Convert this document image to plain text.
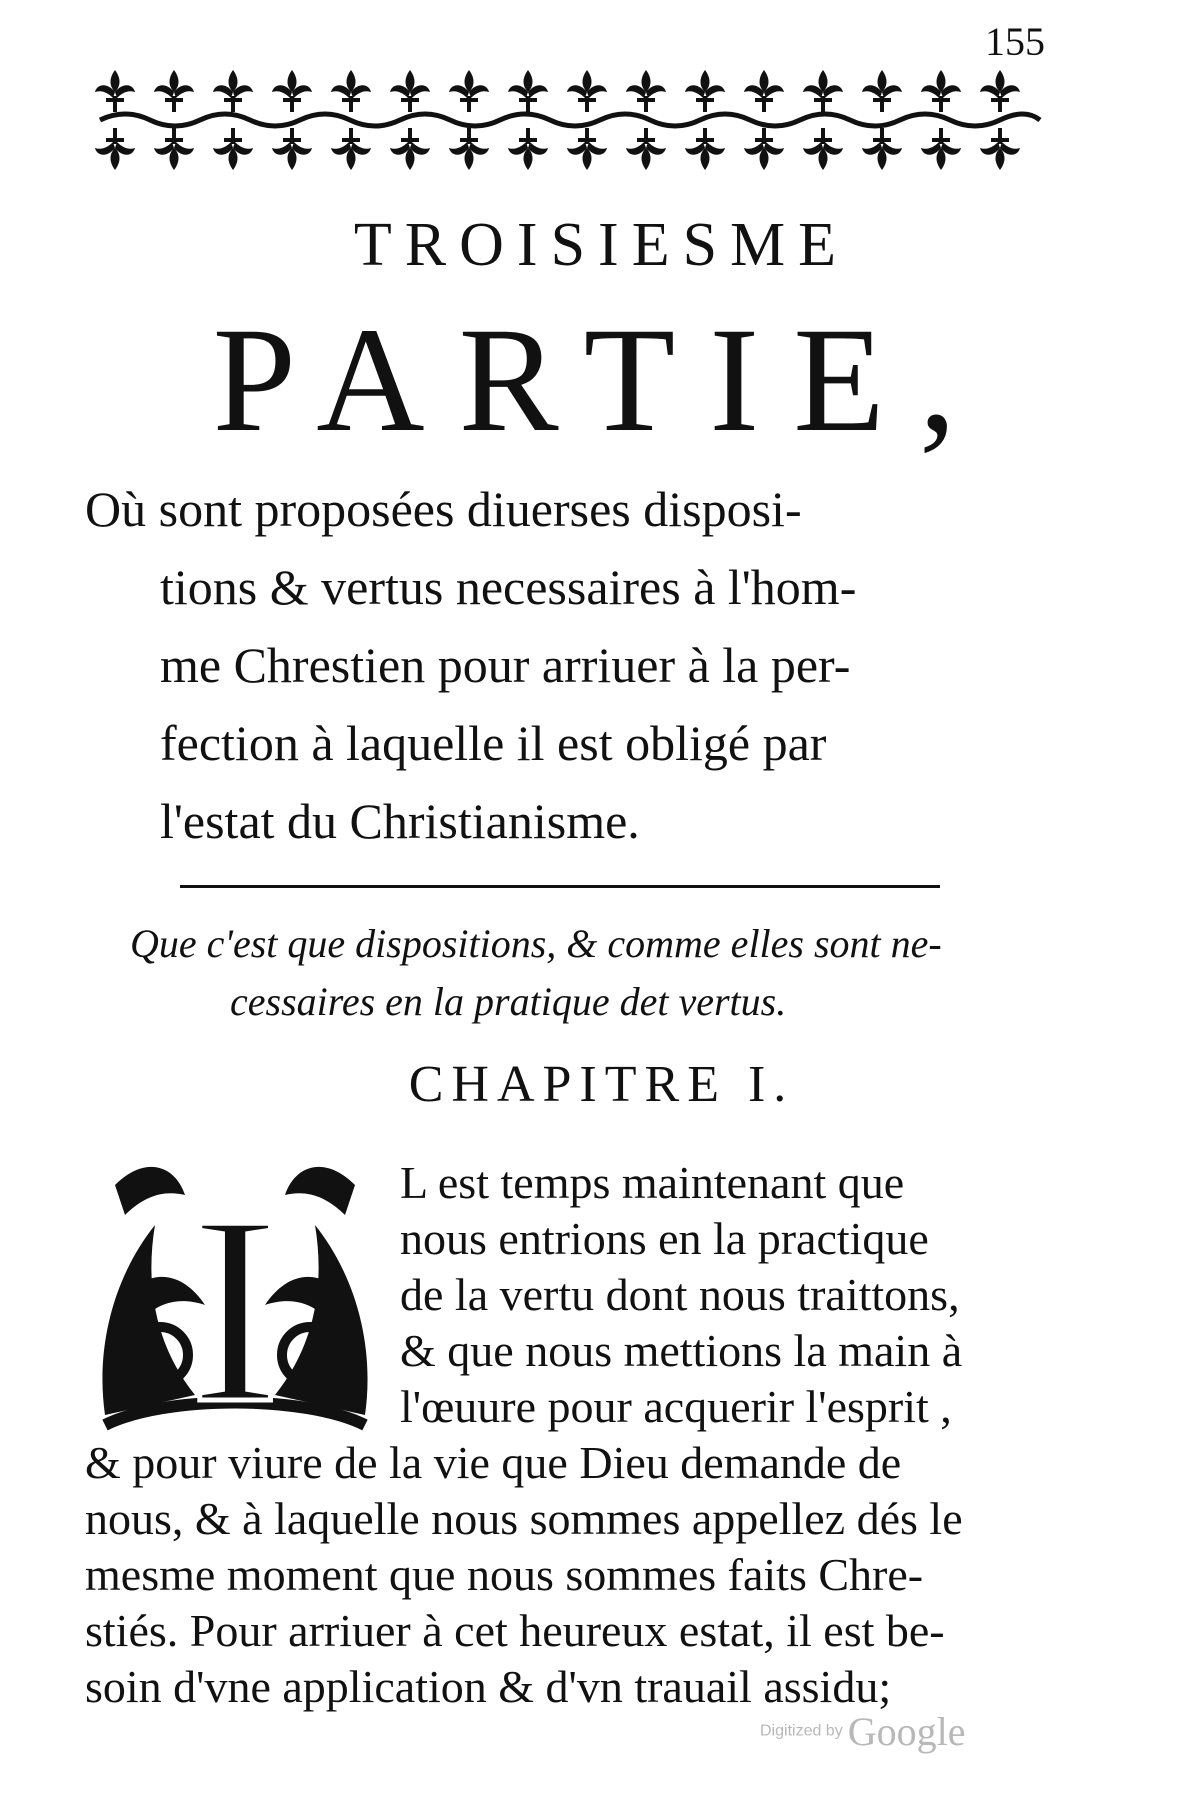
155
TROISIESME
PARTIE,
Où sont proposées diuerses disposi-
tions & vertus necessaires à l'hom-
me Chrestien pour arriuer à la per-
fection à laquelle il est obligé par
l'estat du Christianisme.
Que c'est que dispositions, & comme elles sont ne-
cessaires en la pratique det vertus.
CHAPITRE I.
I	L est temps maintenant que
nous entrions en la practique
de la vertu dont nous traittons,
& que nous mettions la main à
l'œuure pour acquerir l'esprit ,
& pour viure de la vie que Dieu demande de
nous, & à laquelle nous sommes appellez dés le
mesme moment que nous sommes faits Chre-
stiés. Pour arriuer à cet heureux estat, il est be-
soin d'vne application & d'vn trauail assidu;
Digitized by Google
